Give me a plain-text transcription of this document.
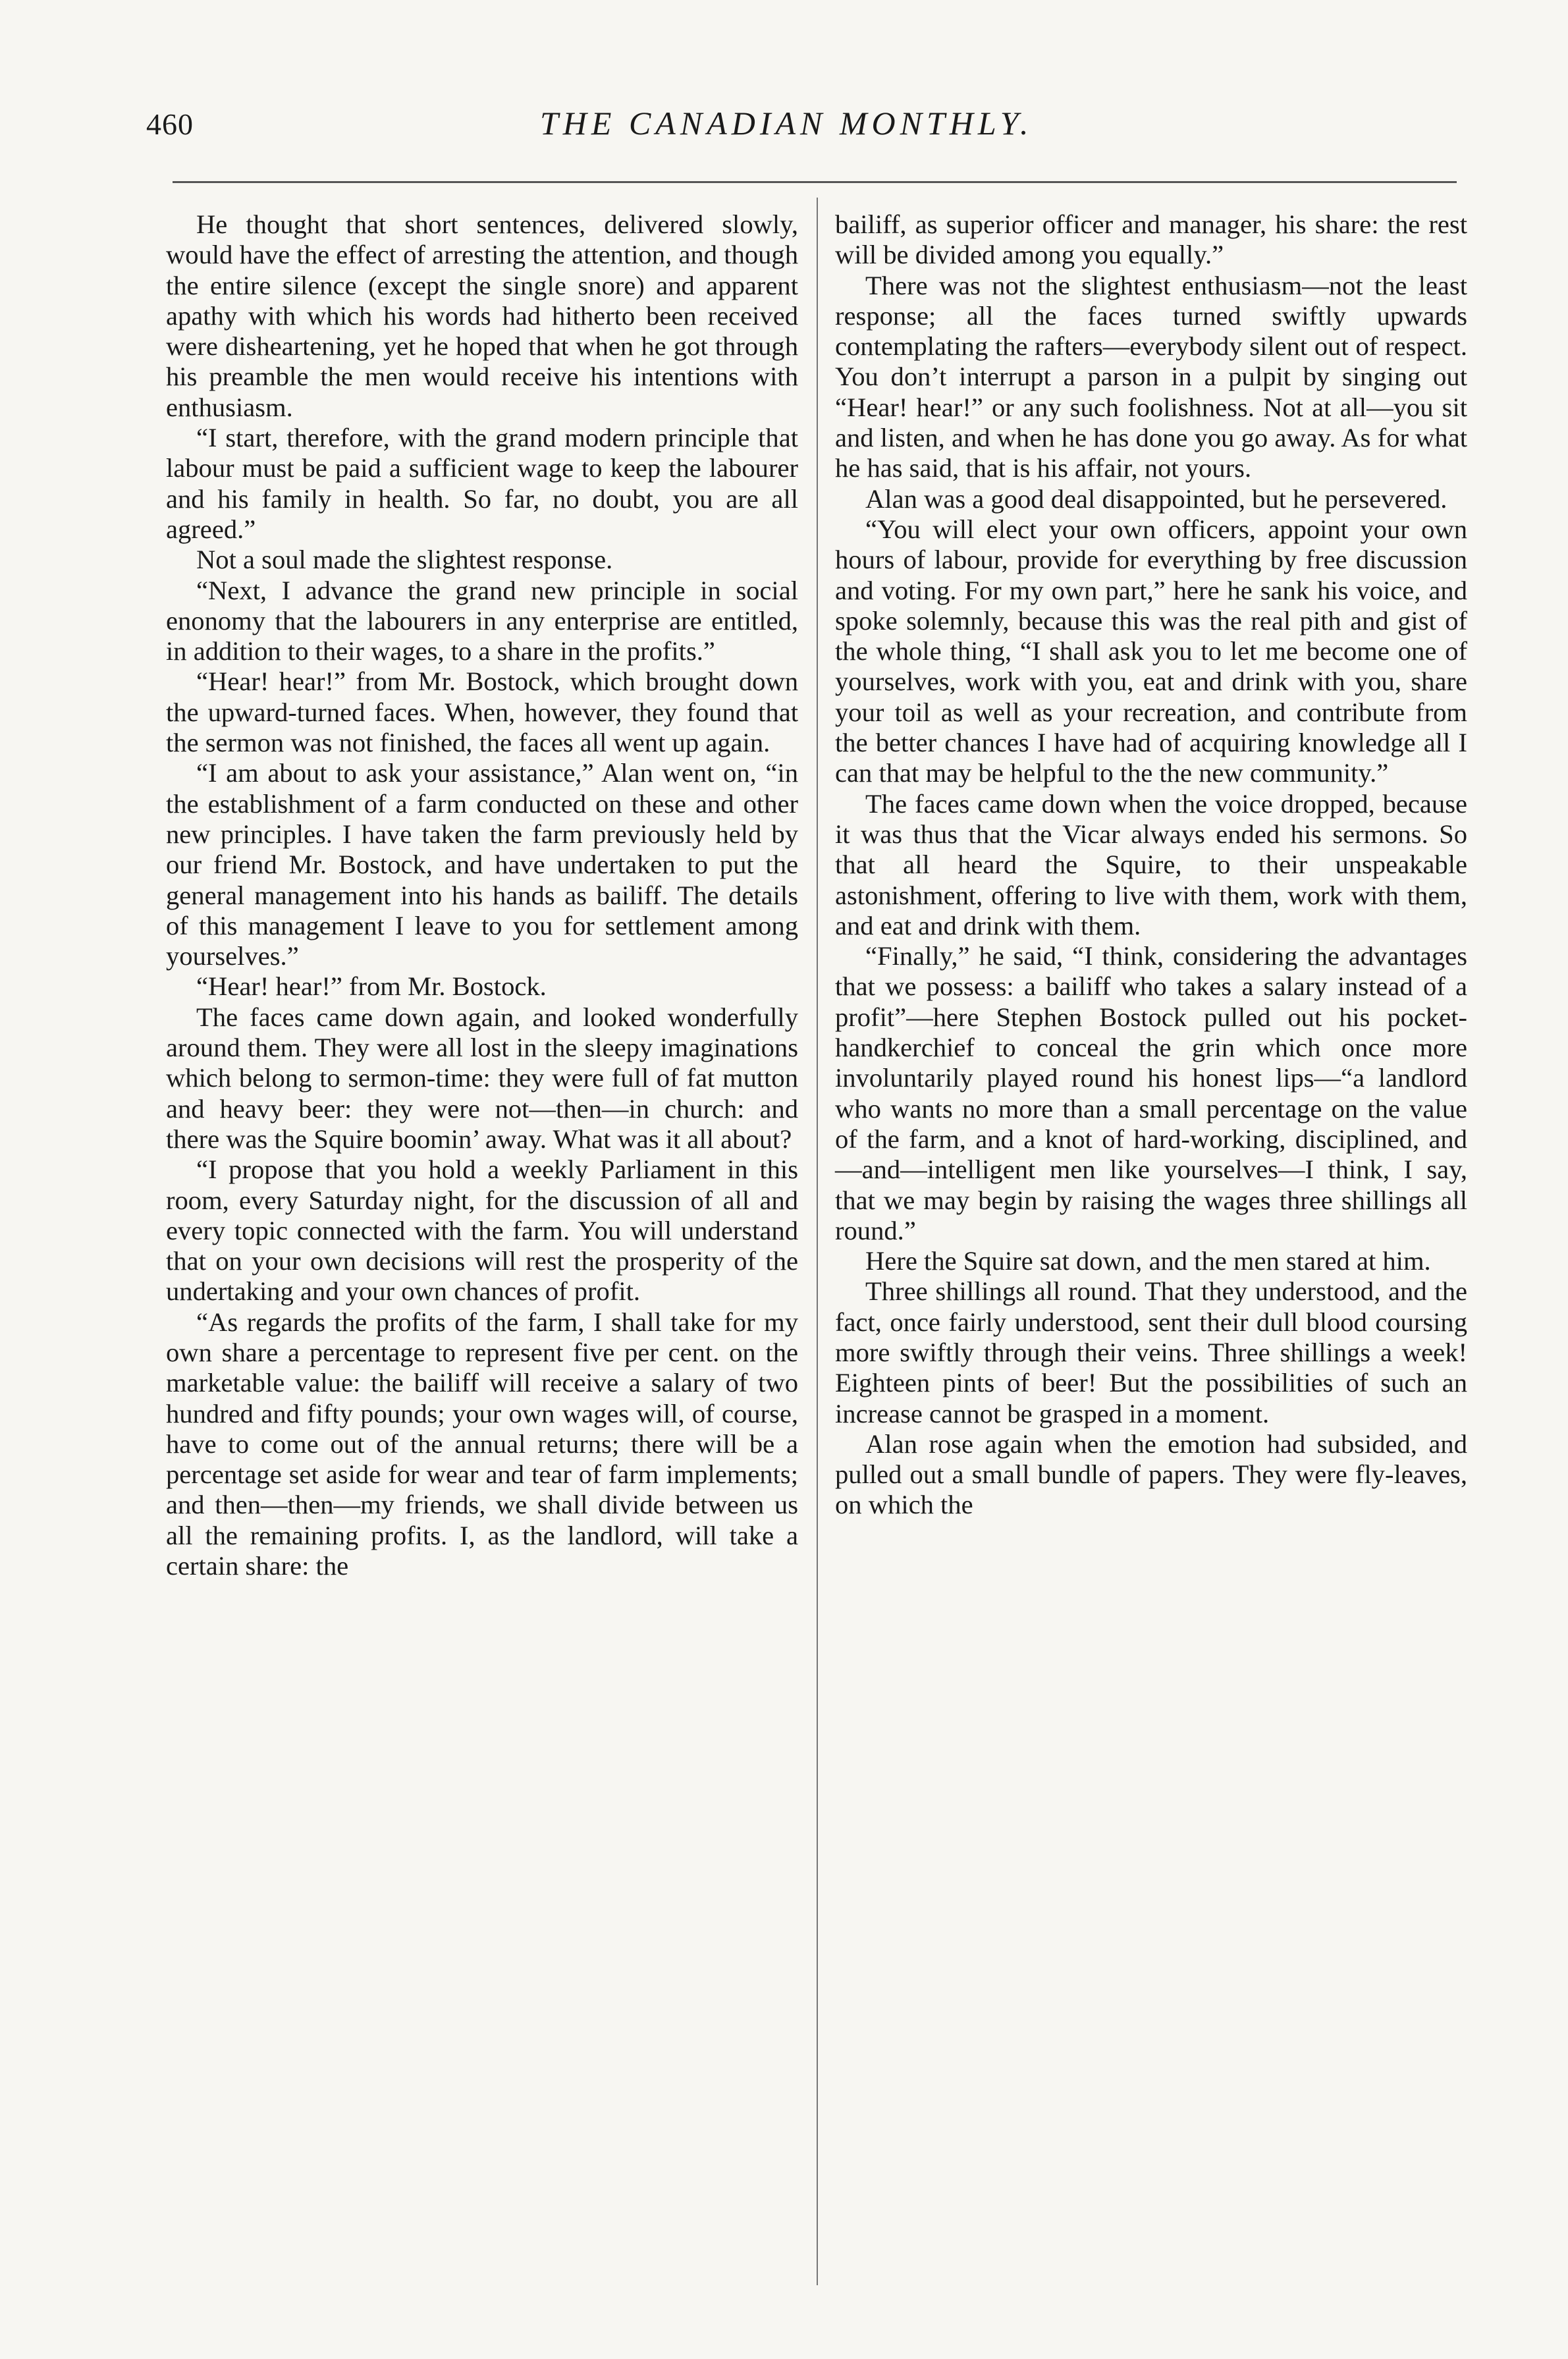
460	THE CANADIAN MONTHLY.

He thought that short sentences, delivered slowly, would have the effect of arresting the attention, and though the entire silence (except the single snore) and apparent apathy with which his words had hitherto been received were disheartening, yet he hoped that when he got through his preamble the men would receive his intentions with enthusiasm.

“I start, therefore, with the grand modern principle that labour must be paid a sufficient wage to keep the labourer and his family in health. So far, no doubt, you are all agreed.”

Not a soul made the slightest response.

“Next, I advance the grand new principle in social enonomy that the labourers in any enterprise are entitled, in addition to their wages, to a share in the profits.”

“Hear! hear!” from Mr. Bostock, which brought down the upward-turned faces. When, however, they found that the sermon was not finished, the faces all went up again.

“I am about to ask your assistance,” Alan went on, “in the establishment of a farm conducted on these and other new principles. I have taken the farm previously held by our friend Mr. Bostock, and have undertaken to put the general management into his hands as bailiff. The details of this management I leave to you for settlement among yourselves.”

“Hear! hear!” from Mr. Bostock.

The faces came down again, and looked wonderfully around them. They were all lost in the sleepy imaginations which belong to sermon-time: they were full of fat mutton and heavy beer: they were not—then—in church: and there was the Squire boomin’ away. What was it all about?

“I propose that you hold a weekly Parliament in this room, every Saturday night, for the discussion of all and every topic connected with the farm. You will understand that on your own decisions will rest the prosperity of the undertaking and your own chances of profit.

“As regards the profits of the farm, I shall take for my own share a percentage to represent five per cent. on the marketable value: the bailiff will receive a salary of two hundred and fifty pounds; your own wages will, of course, have to come out of the annual returns; there will be a percentage set aside for wear and tear of farm implements; and then—then—my friends, we shall divide between us all the remaining profits. I, as the landlord, will take a certain share: the

bailiff, as superior officer and manager, his share: the rest will be divided among you equally.”

There was not the slightest enthusiasm—not the least response; all the faces turned swiftly upwards contemplating the rafters—everybody silent out of respect. You don’t interrupt a parson in a pulpit by singing out “Hear! hear!” or any such foolishness. Not at all—you sit and listen, and when he has done you go away. As for what he has said, that is his affair, not yours.

Alan was a good deal disappointed, but he persevered.

“You will elect your own officers, appoint your own hours of labour, provide for everything by free discussion and voting. For my own part,” here he sank his voice, and spoke solemnly, because this was the real pith and gist of the whole thing, “I shall ask you to let me become one of yourselves, work with you, eat and drink with you, share your toil as well as your recreation, and contribute from the better chances I have had of acquiring knowledge all I can that may be helpful to the the new community.”

The faces came down when the voice dropped, because it was thus that the Vicar always ended his sermons. So that all heard the Squire, to their unspeakable astonishment, offering to live with them, work with them, and eat and drink with them.

“Finally,” he said, “I think, considering the advantages that we possess: a bailiff who takes a salary instead of a profit”—here Stephen Bostock pulled out his pocket-handkerchief to conceal the grin which once more involuntarily played round his honest lips—“a landlord who wants no more than a small percentage on the value of the farm, and a knot of hard-working, disciplined, and—and—intelligent men like yourselves—I think, I say, that we may begin by raising the wages three shillings all round.”

Here the Squire sat down, and the men stared at him.

Three shillings all round. That they understood, and the fact, once fairly understood, sent their dull blood coursing more swiftly through their veins. Three shillings a week! Eighteen pints of beer! But the possibilities of such an increase cannot be grasped in a moment.

Alan rose again when the emotion had subsided, and pulled out a small bundle of papers. They were fly-leaves, on which the
